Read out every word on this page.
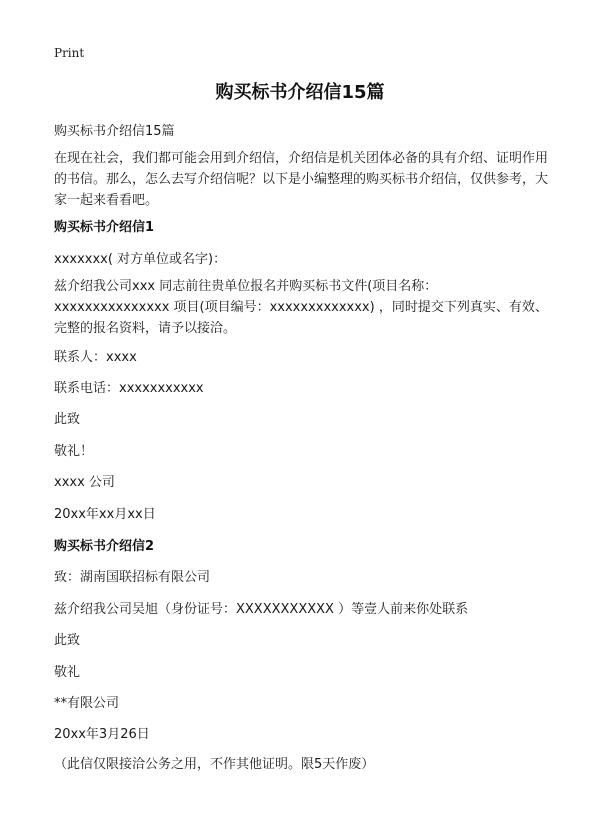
Print
购买标书介绍信15篇
购买标书介绍信15篇
在现在社会，我们都可能会用到介绍信，介绍信是机关团体必备的具有介绍、证明作用的书信。那么，怎么去写介绍信呢？以下是小编整理的购买标书介绍信，仅供参考，大家一起来看看吧。
购买标书介绍信1
xxxxxxx( 对方单位或名字)：
兹介绍我公司xxx 同志前往贵单位报名并购买标书文件(项目名称：xxxxxxxxxxxxxxx 项目(项目编号：xxxxxxxxxxxxx) ，同时提交下列真实、有效、完整的报名资料，请予以接洽。
联系人：xxxx
联系电话：xxxxxxxxxxx
此致
敬礼！
xxxx 公司
20xx年xx月xx日
购买标书介绍信2
致：湖南国联招标有限公司
兹介绍我公司吴旭（身份证号：XXXXXXXXXXX ）等壹人前来你处联系
此致
敬礼
**有限公司
20xx年3月26日
（此信仅限接洽公务之用，不作其他证明。限5天作废）
